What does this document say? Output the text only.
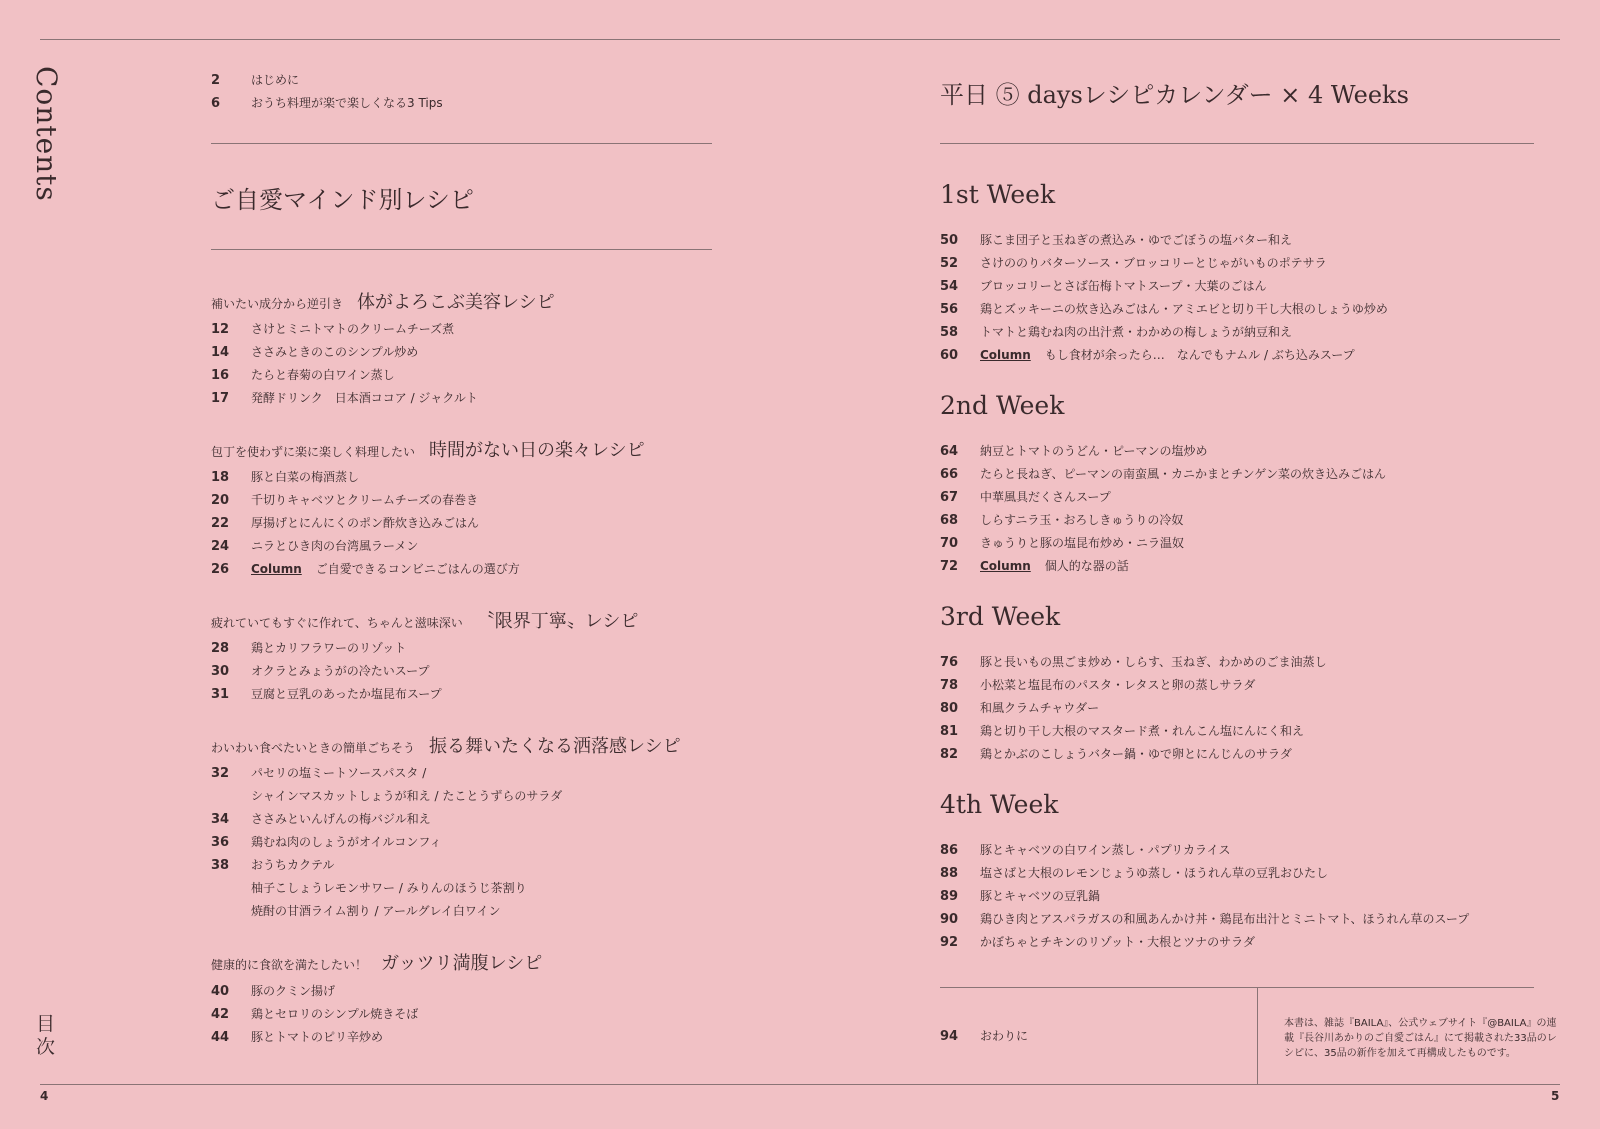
Contents
目次
4	5
2	はじめに
6	おうち料理が楽で楽しくなる3 Tips
ご自愛マインド別レシピ
補いたい成分から逆引き 体がよろこぶ美容レシピ
12 さけとミニトマトのクリームチーズ煮
14 ささみときのこのシンプル炒め
16 たらと春菊の白ワイン蒸し
17 発酵ドリンク　日本酒ココア / ジャクルト
包丁を使わずに楽に楽しく料理したい 時間がない日の楽々レシピ
18 豚と白菜の梅酒蒸し
20 千切りキャベツとクリームチーズの春巻き
22 厚揚げとにんにくのポン酢炊き込みごはん
24 ニラとひき肉の台湾風ラーメン
26 Column ご自愛できるコンビニごはんの選び方
疲れていてもすぐに作れて、ちゃんと滋味深い 〝限界丁寧〟レシピ
28 鶏とカリフラワーのリゾット
30 オクラとみょうがの冷たいスープ
31 豆腐と豆乳のあったか塩昆布スープ
わいわい食べたいときの簡単ごちそう 振る舞いたくなる洒落感レシピ
32 パセリの塩ミートソースパスタ /
シャインマスカットしょうが和え / たことうずらのサラダ
34 ささみといんげんの梅バジル和え
36 鶏むね肉のしょうがオイルコンフィ
38 おうちカクテル
柚子こしょうレモンサワー / みりんのほうじ茶割り
焼酎の甘酒ライム割り / アールグレイ白ワイン
健康的に食欲を満たしたい！ ガッツリ満腹レシピ
40 豚のクミン揚げ
42 鶏とセロリのシンプル焼きそば
44 豚とトマトのピリ辛炒め
平日 ⑤ daysレシピカレンダー × 4 Weeks
1st Week
50 豚こま団子と玉ねぎの煮込み・ゆでごぼうの塩バター和え
52 さけののりバターソース・ブロッコリーとじゃがいものポテサラ
54 ブロッコリーとさば缶梅トマトスープ・大葉のごはん
56 鶏とズッキーニの炊き込みごはん・アミエビと切り干し大根のしょうゆ炒め
58 トマトと鶏むね肉の出汁煮・わかめの梅しょうが納豆和え
60 Column もし食材が余ったら…　なんでもナムル / ぶち込みスープ
2nd Week
64 納豆とトマトのうどん・ピーマンの塩炒め
66 たらと長ねぎ、ピーマンの南蛮風・カニかまとチンゲン菜の炊き込みごはん
67 中華風具だくさんスープ
68 しらすニラ玉・おろしきゅうりの冷奴
70 きゅうりと豚の塩昆布炒め・ニラ温奴
72 Column 個人的な器の話
3rd Week
76 豚と長いもの黒ごま炒め・しらす、玉ねぎ、わかめのごま油蒸し
78 小松菜と塩昆布のパスタ・レタスと卵の蒸しサラダ
80 和風クラムチャウダー
81 鶏と切り干し大根のマスタード煮・れんこん塩にんにく和え
82 鶏とかぶのこしょうバター鍋・ゆで卵とにんじんのサラダ
4th Week
86 豚とキャベツの白ワイン蒸し・パプリカライス
88 塩さばと大根のレモンじょうゆ蒸し・ほうれん草の豆乳おひたし
89 豚とキャベツの豆乳鍋
90 鶏ひき肉とアスパラガスの和風あんかけ丼・鶏昆布出汁とミニトマト、ほうれん草のスープ
92 かぼちゃとチキンのリゾット・大根とツナのサラダ
94 おわりに
本書は、雑誌『BAILA』、公式ウェブサイト『@BAILA』の連載『長谷川あかりのご自愛ごはん』にて掲載された33品のレシピに、35品の新作を加えて再構成したものです。
